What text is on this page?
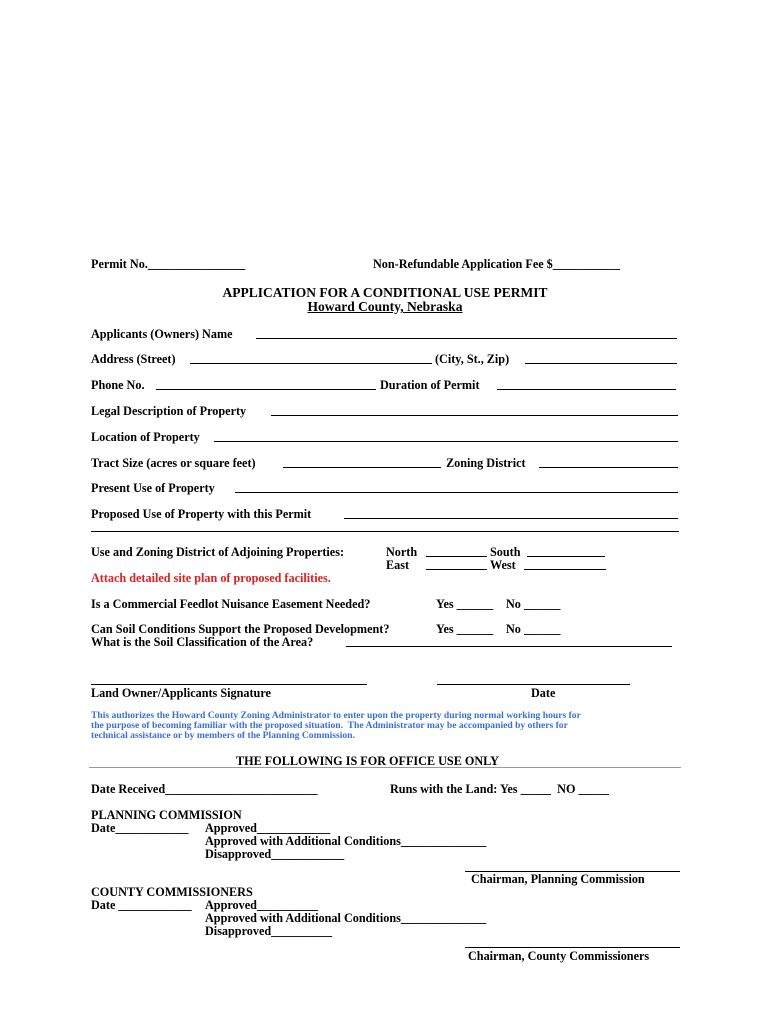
Permit No.________________	Non-Refundable Application Fee $___________
APPLICATION FOR A CONDITIONAL USE PERMIT
Howard County, Nebraska
Applicants (Owners) Name
Address (Street)	(City, St., Zip)
Phone No.	Duration of Permit
Legal Description of Property
Location of Property
Tract Size (acres or square feet)	Zoning District
Present Use of Property
Proposed Use of Property with this Permit
Use and Zoning District of Adjoining Properties:	North	South
East	West
Attach detailed site plan of proposed facilities.
Is a Commercial Feedlot Nuisance Easement Needed?	Yes ______ No ______
Can Soil Conditions Support the Proposed Development?	Yes ______ No ______
What is the Soil Classification of the Area?
Land Owner/Applicants Signature	Date
This authorizes the Howard County Zoning Administrator to enter upon the property during normal working hours for
the purpose of becoming familiar with the proposed situation.  The Administrator may be accompanied by others for
technical assistance or by members of the Planning Commission.
THE FOLLOWING IS FOR OFFICE USE ONLY
Date Received_________________________	Runs with the Land: Yes _____  NO _____
PLANNING COMMISSION
Date____________ Approved____________
Approved with Additional Conditions______________
Disapproved____________
Chairman, Planning Commission
COUNTY COMMISSIONERS
Date ____________ Approved__________
Approved with Additional Conditions______________
Disapproved__________
Chairman, County Commissioners
